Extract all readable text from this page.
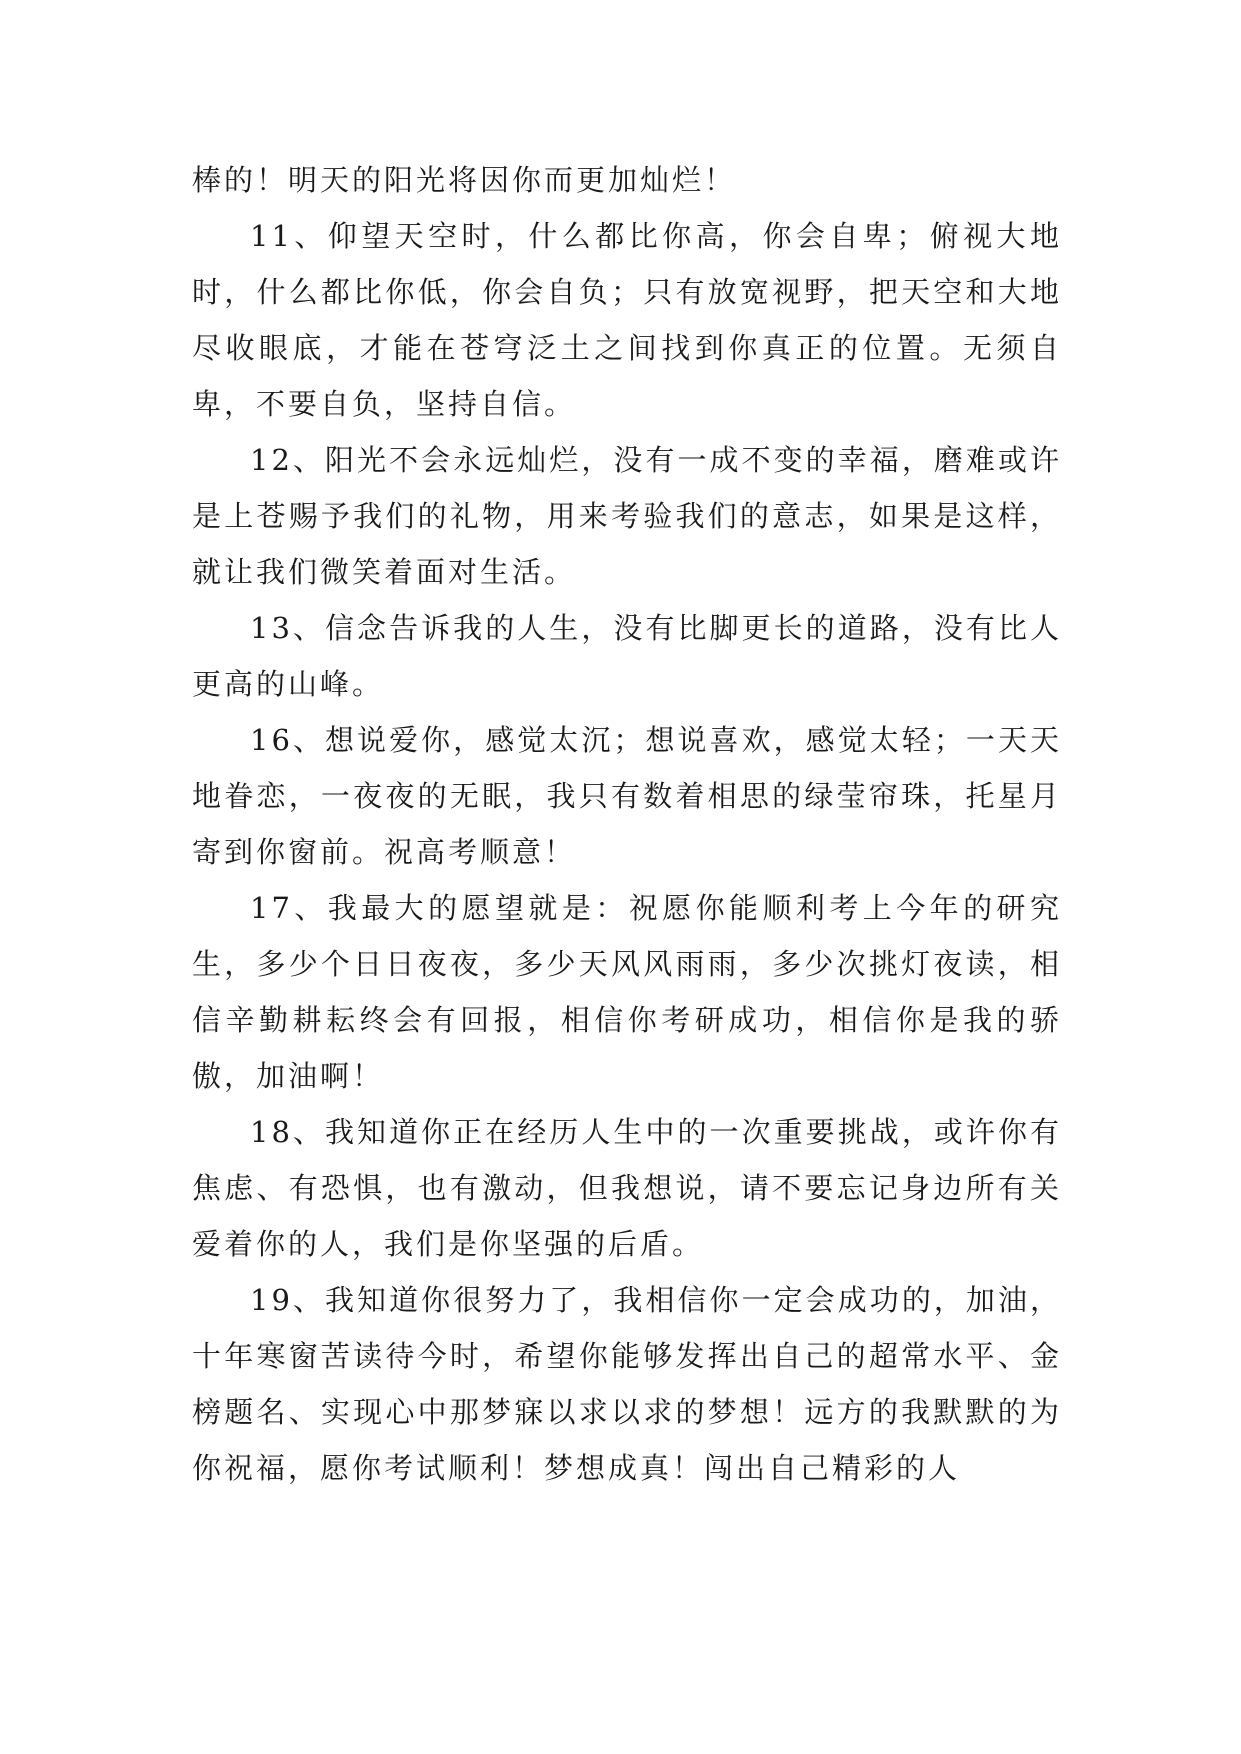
棒的！明天的阳光将因你而更加灿烂！

11、仰望天空时，什么都比你高，你会自卑；俯视大地时，什么都比你低，你会自负；只有放宽视野，把天空和大地尽收眼底，才能在苍穹泛土之间找到你真正的位置。无须自卑，不要自负，坚持自信。

12、阳光不会永远灿烂，没有一成不变的幸福，磨难或许是上苍赐予我们的礼物，用来考验我们的意志，如果是这样，就让我们微笑着面对生活。

13、信念告诉我的人生，没有比脚更长的道路，没有比人更高的山峰。

16、想说爱你，感觉太沉；想说喜欢，感觉太轻；一天天地眷恋，一夜夜的无眠，我只有数着相思的绿莹帘珠，托星月寄到你窗前。祝高考顺意！

17、我最大的愿望就是：祝愿你能顺利考上今年的研究生，多少个日日夜夜，多少天风风雨雨，多少次挑灯夜读，相信辛勤耕耘终会有回报，相信你考研成功，相信你是我的骄傲，加油啊！

18、我知道你正在经历人生中的一次重要挑战，或许你有焦虑、有恐惧，也有激动，但我想说，请不要忘记身边所有关爱着你的人，我们是你坚强的后盾。

19、我知道你很努力了，我相信你一定会成功的，加油，十年寒窗苦读待今时，希望你能够发挥出自己的超常水平、金榜题名、实现心中那梦寐以求以求的梦想！远方的我默默的为你祝福，愿你考试顺利！梦想成真！闯出自己精彩的人
